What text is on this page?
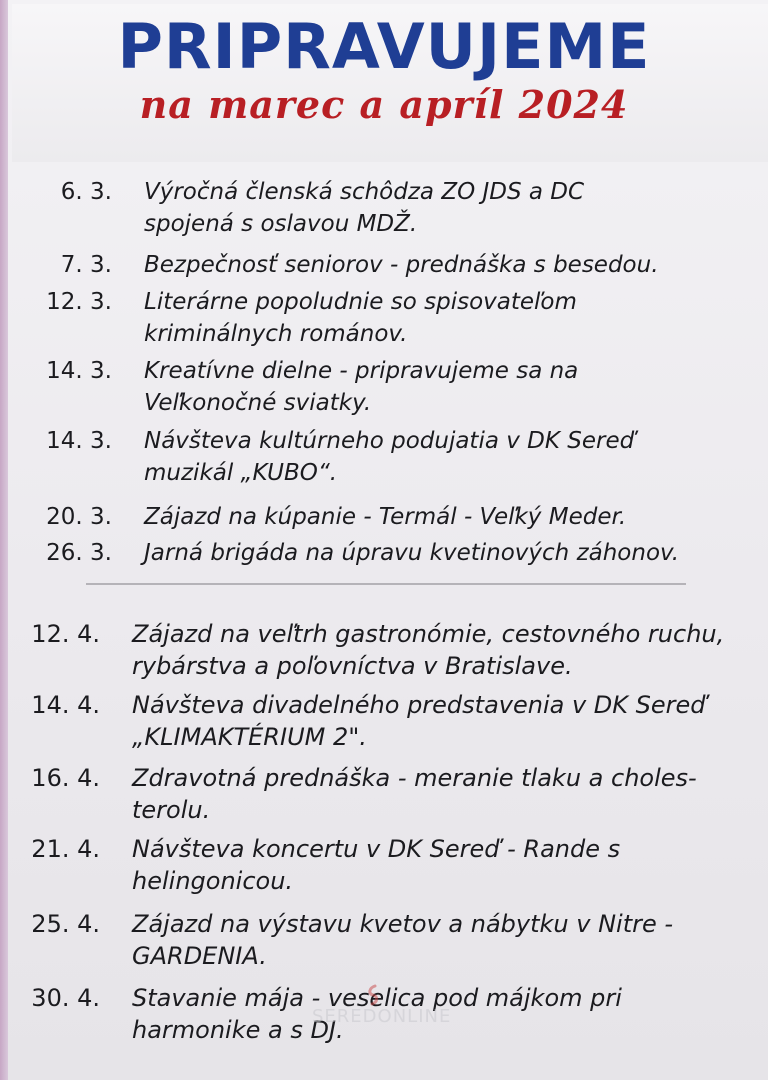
PRIPRAVUJEME
na marec a apríl 2024
6. 3. Výročná členská schôdza ZO JDS a DC
spojená s oslavou MDŽ.
7. 3. Bezpečnosť seniorov - prednáška s besedou.
12. 3. Literárne popoludnie so spisovateľom
kriminálnych románov.
14. 3. Kreatívne dielne - pripravujeme sa na
Veľkonočné sviatky.
14. 3. Návšteva kultúrneho podujatia v DK Sereď
muzikál „KUBO“.
20. 3. Zájazd na kúpanie - Termál - Veľký Meder.
26. 3. Jarná brigáda na úpravu kvetinových záhonov.
12. 4. Zájazd na veľtrh gastronómie, cestovného ruchu,
rybárstva a poľovníctva v Bratislave.
14. 4. Návšteva divadelného predstavenia v DK Sereď
„KLIMAKTÉRIUM 2".
16. 4. Zdravotná prednáška - meranie tlaku a choles-
terolu.
21. 4. Návšteva koncertu v DK Sereď - Rande s
helingonicou.
25. 4. Zájazd na výstavu kvetov a nábytku v Nitre -
GARDENIA.
30. 4. Stavanie mája - veselica pod májkom pri
harmonike a s DJ.
SEREDONLINE
